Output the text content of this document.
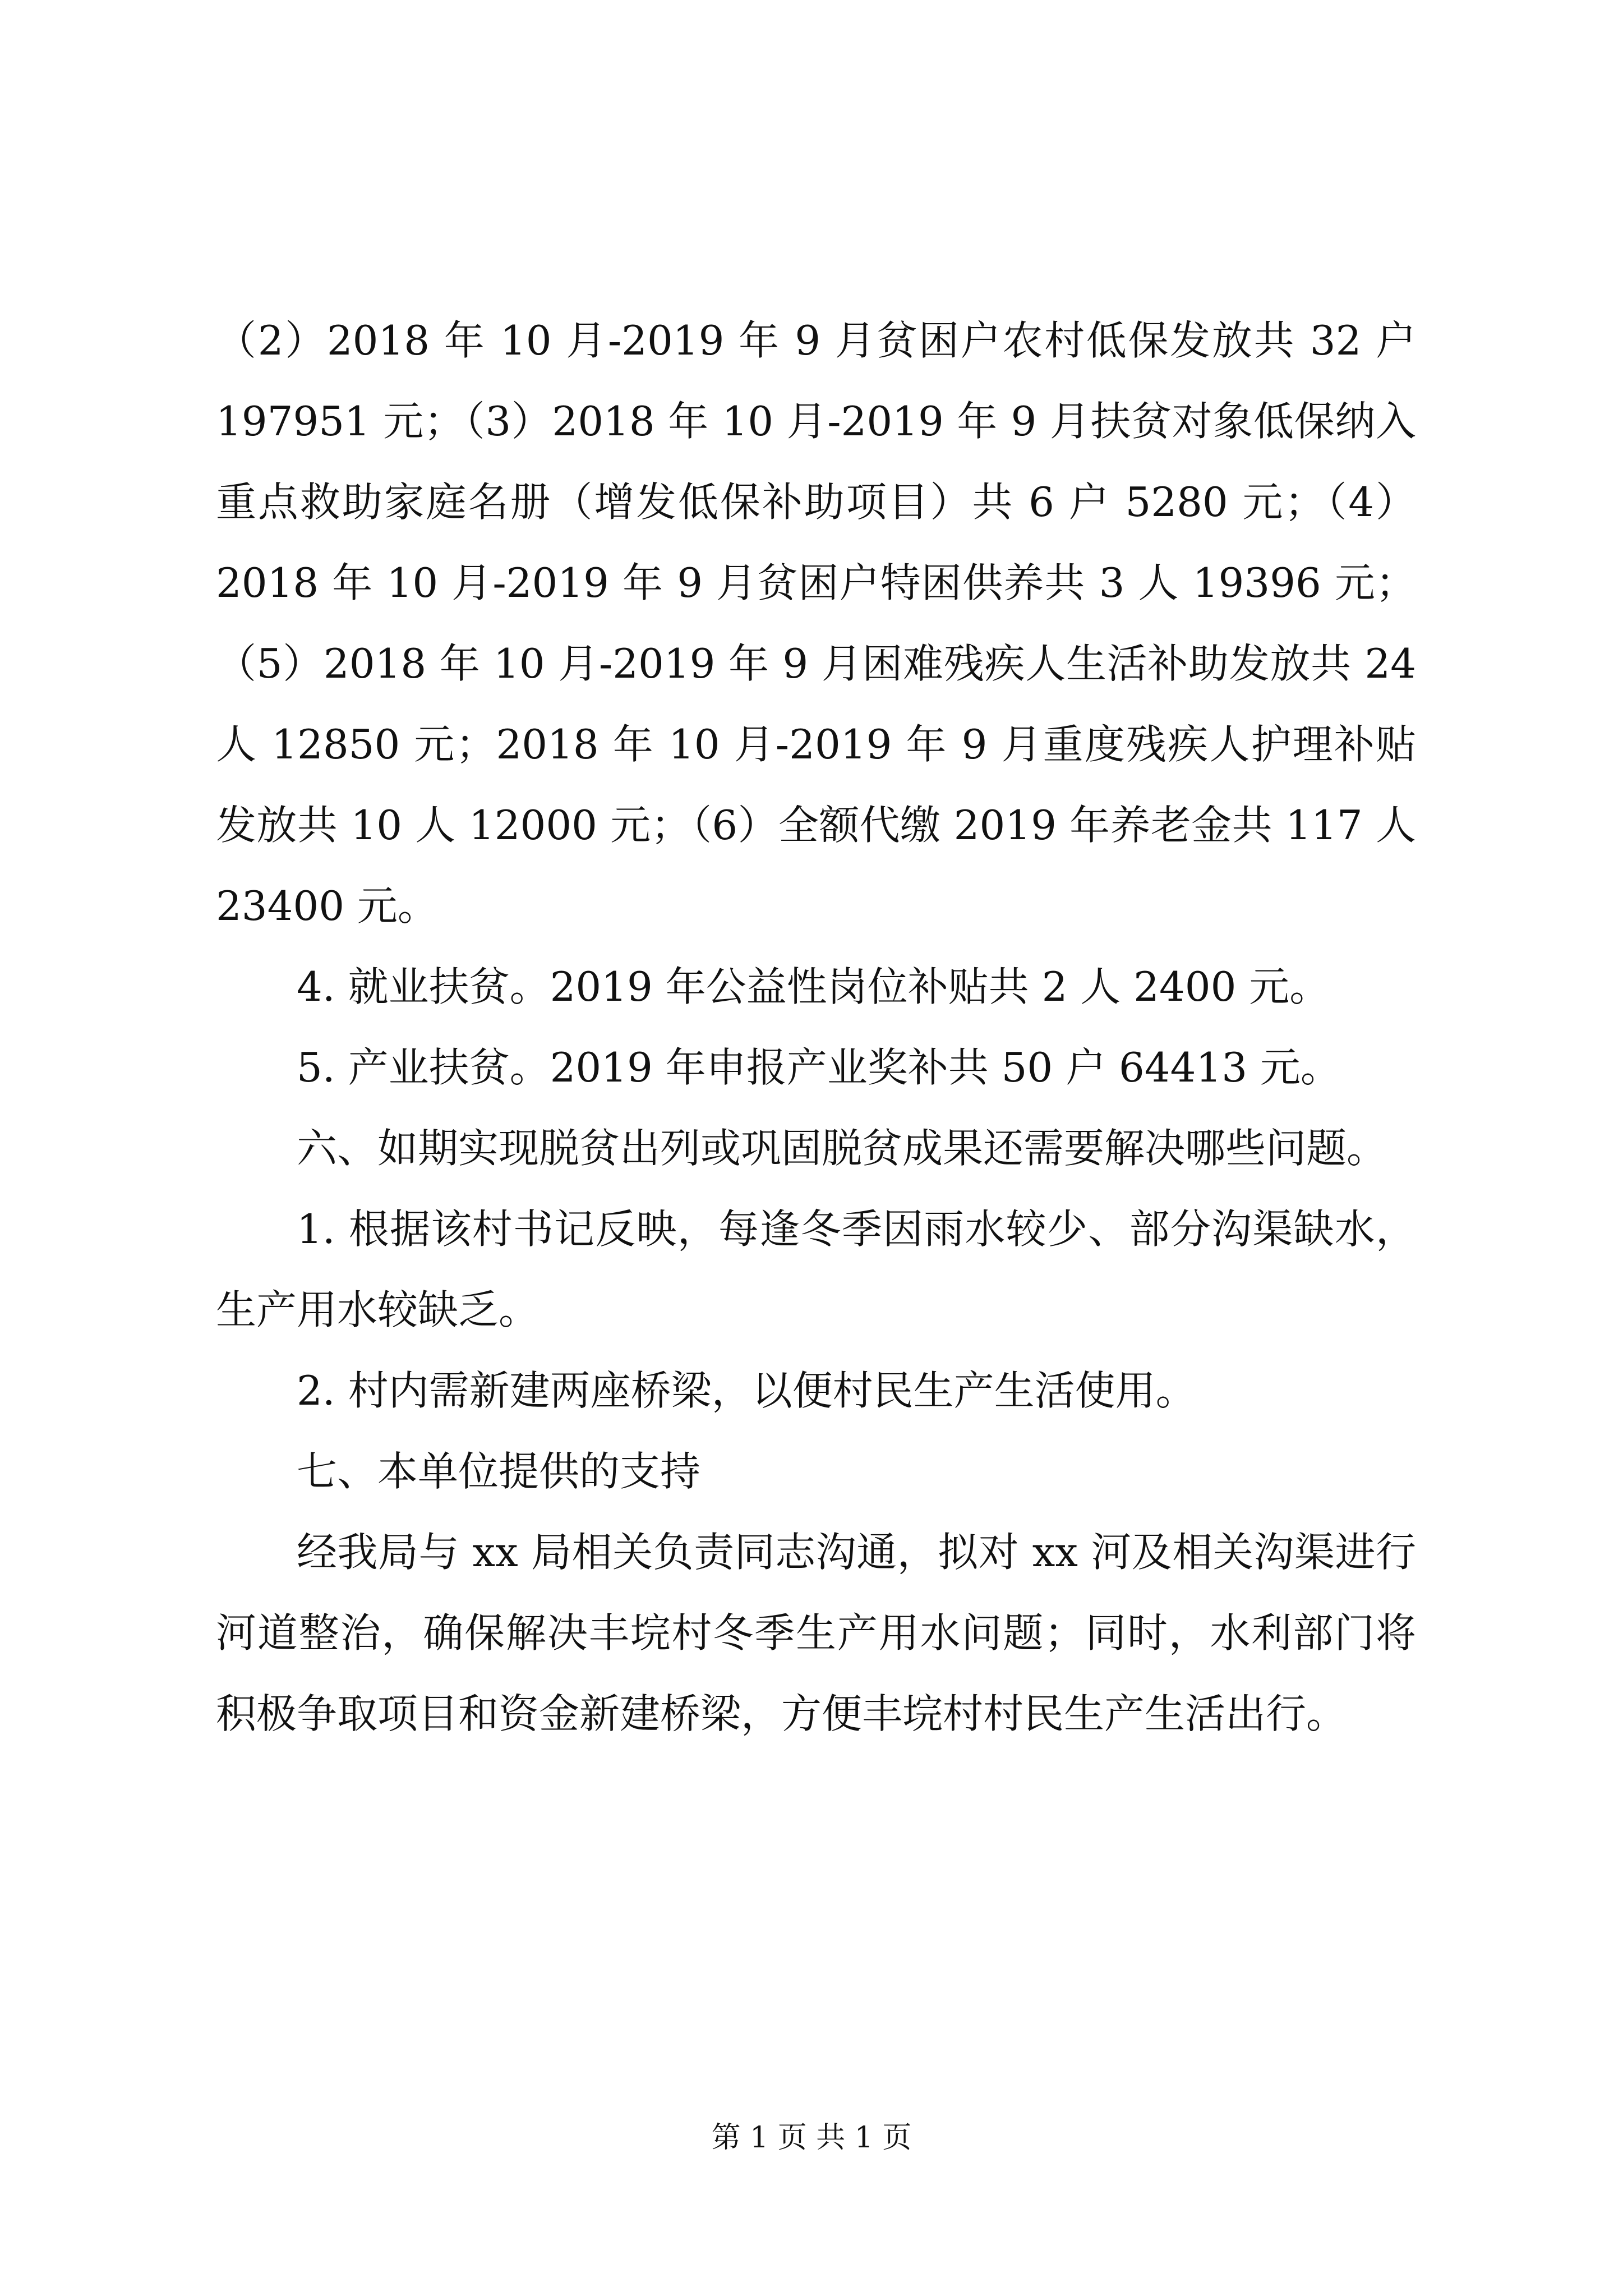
（2）2018 年 10 月-2019 年 9 月贫困户农村低保发放共 32 户 197951 元；（3）2018 年 10 月-2019 年 9 月扶贫对象低保纳入重点救助家庭名册（增发低保补助项目）共 6 户 5280 元；（4）2018 年 10 月-2019 年 9 月贫困户特困供养共 3 人 19396 元；（5）2018 年 10 月-2019 年 9 月困难残疾人生活补助发放共 24 人 12850 元；2018 年 10 月-2019 年 9 月重度残疾人护理补贴发放共 10 人 12000 元；（6）全额代缴 2019 年养老金共 117 人 23400 元。

4. 就业扶贫。2019 年公益性岗位补贴共 2 人 2400 元。

5. 产业扶贫。2019 年申报产业奖补共 50 户 64413 元。

六、如期实现脱贫出列或巩固脱贫成果还需要解决哪些问题。

1. 根据该村书记反映，每逢冬季因雨水较少、部分沟渠缺水，生产用水较缺乏。

2. 村内需新建两座桥梁，以便村民生产生活使用。

七、本单位提供的支持

经我局与 xx 局相关负责同志沟通，拟对 xx 河及相关沟渠进行河道整治，确保解决丰垸村冬季生产用水问题；同时，水利部门将积极争取项目和资金新建桥梁，方便丰垸村村民生产生活出行。

第 1 页 共 1 页
